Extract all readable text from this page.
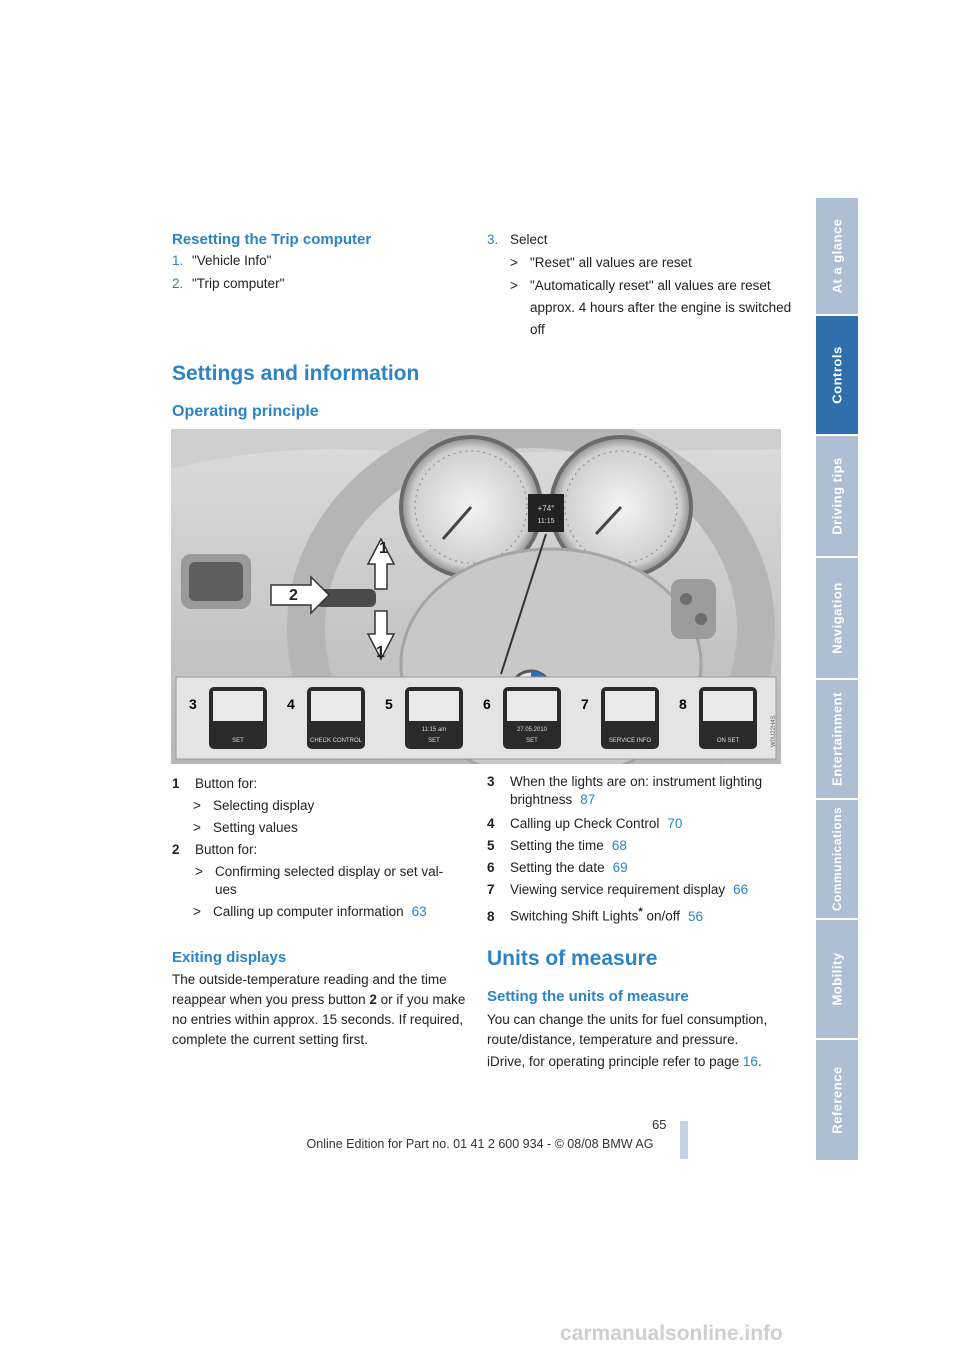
Resetting the Trip computer
1. "Vehicle Info"
2. "Trip computer"
3. Select
> "Reset" all values are reset
> "Automatically reset" all values are reset approx. 4 hours after the engine is switched off
Settings and information
Operating principle
+74°
11:15
1
1
2
3
SET
4
CHECK CONTROL
5
11:15 am
SET
6
27.05.2010
SET
7
SERVICE INFO
8
ON SET	W0U22H4S
1 Button for:
> Selecting display
> Setting values
2 Button for:
> Confirming selected display or set val-ues
> Calling up computer information 63
3 When the lights are on: instrument lighting brightness 87
4 Calling up Check Control 70
5 Setting the time 68
6 Setting the date 69
7 Viewing service requirement display 66
8 Switching Shift Lights* on/off 56
Exiting displays
The outside-temperature reading and the time reappear when you press button 2 or if you make no entries within approx. 15 seconds. If required, complete the current setting first.
Units of measure
Setting the units of measure
You can change the units for fuel consumption, route/distance, temperature and pressure.
iDrive, for operating principle refer to page 16.
At a glance
Controls
Driving tips
Navigation
Entertainment
Communications
Mobility
Reference
65
Online Edition for Part no. 01 41 2 600 934 - © 08/08 BMW AG
carmanualsonline.info
